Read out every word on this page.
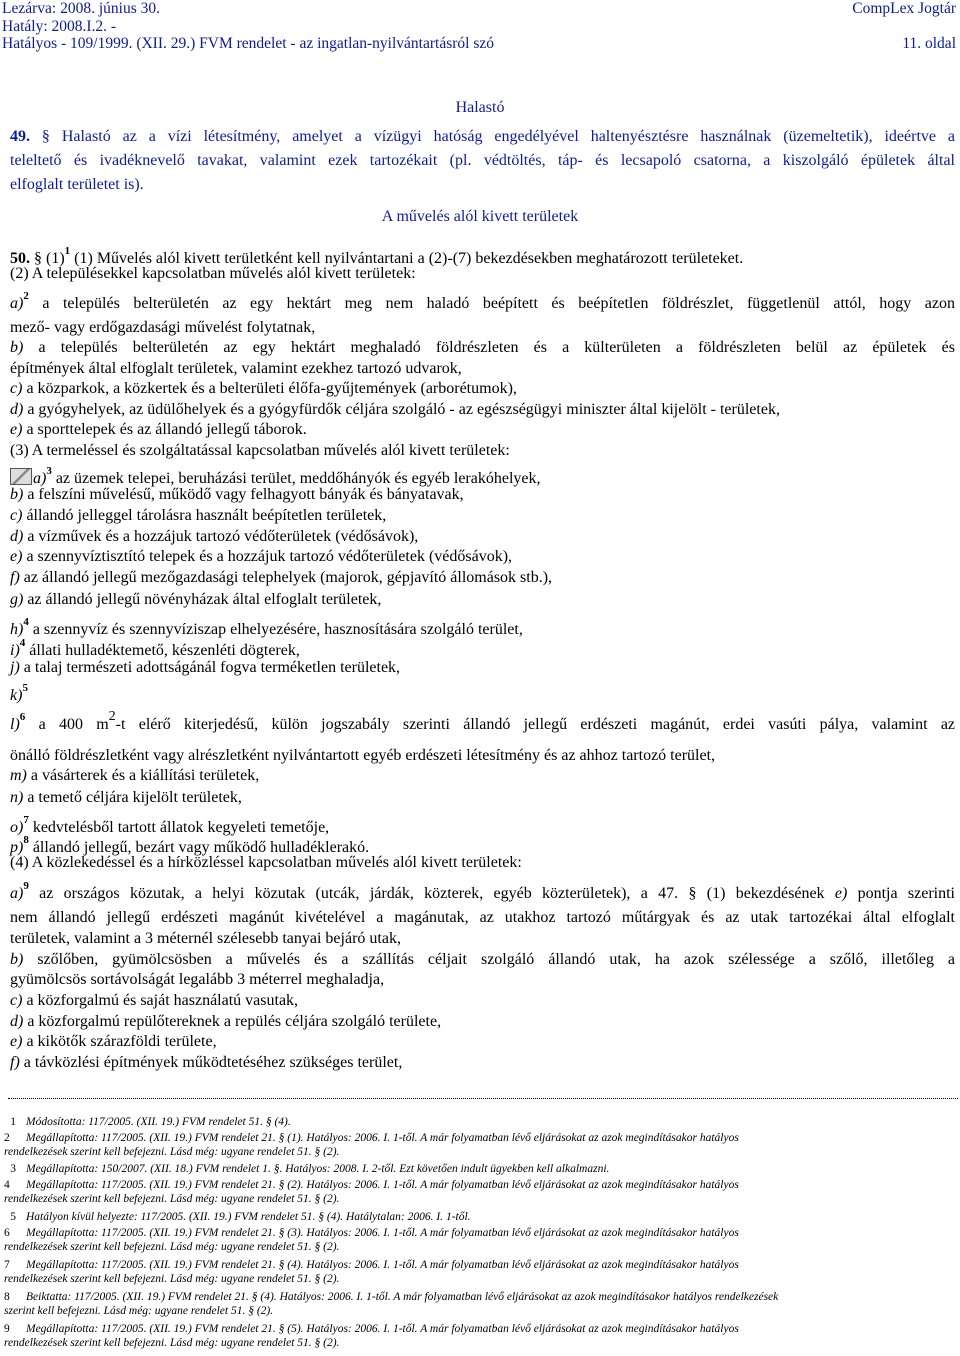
Lezárva: 2008. június 30.
Hatály: 2008.I.2. -
Hatályos - 109/1999. (XII. 29.) FVM rendelet - az ingatlan-nyilvántartásról szó
CompLex Jogtár

11. oldal
Halastó
49. § Halastó az a vízi létesítmény, amelyet a vízügyi hatóság engedélyével haltenyésztésre használnak (üzemeltetik), ideértve a
teleltető és ivadéknevelő tavakat, valamint ezek tartozékait (pl. védtöltés, táp- és lecsapoló csatorna, a kiszolgáló épületek által
elfoglalt területet is).
A művelés alól kivett területek
50. § $(1)^1$ (1) Művelés alól kivett területként kell nyilvántartani a (2)-(7) bekezdésekben meghatározott területeket.
(2) A településekkel kapcsolatban művelés alól kivett területek:
a)$^2$ a település belterületén az egy hektárt meg nem haladó beépített és beépítetlen földrészlet, függetlenül attól, hogy azon
mező- vagy erdőgazdasági művelést folytatnak,
b) a település belterületén az egy hektárt meghaladó földrészleten és a külterületen a földrészleten belül az épületek és
építmények által elfoglalt területek, valamint ezekhez tartozó udvarok,
c) a közparkok, a közkertek és a belterületi élőfa-gyűjtemények (arborétumok),
d) a gyógyhelyek, az üdülőhelyek és a gyógyfürdők céljára szolgáló - az egészségügyi miniszter által kijelölt - területek,
e) a sporttelepek és az állandó jellegű táborok.
(3) A termeléssel és szolgáltatással kapcsolatban művelés alól kivett területek:
a)$^3$ az üzemek telepei, beruházási terület, meddőhányók és egyéb lerakóhelyek,
b) a felszíni művelésű, működő vagy felhagyott bányák és bányatavak,
c) állandó jelleggel tárolásra használt beépítetlen területek,
d) a vízművek és a hozzájuk tartozó védőterületek (védősávok),
e) a szennyvíztisztító telepek és a hozzájuk tartozó védőterületek (védősávok),
f) az állandó jellegű mezőgazdasági telephelyek (majorok, gépjavító állomások stb.),
g) az állandó jellegű növényházak által elfoglalt területek,
h)$^4$ a szennyvíz és szennyvíziszap elhelyezésére, hasznosítására szolgáló terület,
i)$^4$ állati hulladéktemető, készenléti dögterek,
j) a talaj természeti adottságánál fogva terméketlen területek,
k)$^5$
l)$^6$ a 400 $m^2-t$ elérő kiterjedésű, külön jogszabály szerinti állandó jellegű erdészeti magánút, erdei vasúti pálya, valamint az
önálló földrészletként vagy alrészletként nyilvántartott egyéb erdészeti létesítmény és az ahhoz tartozó terület,
m) a vásárterek és a kiállítási területek,
n) a temető céljára kijelölt területek,
o)$^7$ kedvtelésből tartott állatok kegyeleti temetője,
p)$^8$ állandó jellegű, bezárt vagy működő hulladéklerakó.
(4) A közlekedéssel és a hírközléssel kapcsolatban művelés alól kivett területek:
a)$^9$ az országos közutak, a helyi közutak (utcák, járdák, közterek, egyéb közterületek), a 47. § (1) bekezdésének e) pontja szerinti
nem állandó jellegű erdészeti magánút kivételével a magánutak, az utakhoz tartozó műtárgyak és az utak tartozékai által elfoglalt
területek, valamint a 3 méternél szélesebb tanyai bejáró utak,
b) szőlőben, gyümölcsösben a művelés és a szállítás céljait szolgáló állandó utak, ha azok szélessége a szőlő, illetőleg a
gyümölcsös sortávolságát legalább 3 méterrel meghaladja,
c) a közforgalmú és saját használatú vasutak,
d) a közforgalmú repülőtereknek a repülés céljára szolgáló területe,
e) a kikötők szárazföldi területe,
f) a távközlési építmények működtetéséhez szükséges terület,
1 Módosította: 117/2005. (XII. 19.) FVM rendelet 51. § (4).
2 Megállapította: 117/2005. (XII. 19.) FVM rendelet 21. § (1). Hatályos: 2006. I. 1-től. A már folyamatban lévő eljárásokat az azok megindításakor hatályos
rendelkezések szerint kell befejezni. Lásd még: ugyane rendelet 51. § (2).
3 Megállapította: 150/2007. (XII. 18.) FVM rendelet 1. §. Hatályos: 2008. I. 2-től. Ezt követően indult ügyekben kell alkalmazni.
4 Megállapította: 117/2005. (XII. 19.) FVM rendelet 21. § (2). Hatályos: 2006. I. 1-től. A már folyamatban lévő eljárásokat az azok megindításakor hatályos
rendelkezések szerint kell befejezni. Lásd még: ugyane rendelet 51. § (2).
5 Hatályon kívül helyezte: 117/2005. (XII. 19.) FVM rendelet 51. § (4). Hatálytalan: 2006. I. 1-től.
6 Megállapította: 117/2005. (XII. 19.) FVM rendelet 21. § (3). Hatályos: 2006. I. 1-től. A már folyamatban lévő eljárásokat az azok megindításakor hatályos
rendelkezések szerint kell befejezni. Lásd még: ugyane rendelet 51. § (2).
7 Megállapította: 117/2005. (XII. 19.) FVM rendelet 21. § (4). Hatályos: 2006. I. 1-től. A már folyamatban lévő eljárásokat az azok megindításakor hatályos
rendelkezések szerint kell befejezni. Lásd még: ugyane rendelet 51. § (2).
8 Beiktatta: 117/2005. (XII. 19.) FVM rendelet 21. § (4). Hatályos: 2006. I. 1-től. A már folyamatban lévő eljárásokat az azok megindításakor hatályos rendelkezések
szerint kell befejezni. Lásd még: ugyane rendelet 51. § (2).
9 Megállapította: 117/2005. (XII. 19.) FVM rendelet 21. § (5). Hatályos: 2006. I. 1-től. A már folyamatban lévő eljárásokat az azok megindításakor hatályos
rendelkezések szerint kell befejezni. Lásd még: ugyane rendelet 51. § (2).
